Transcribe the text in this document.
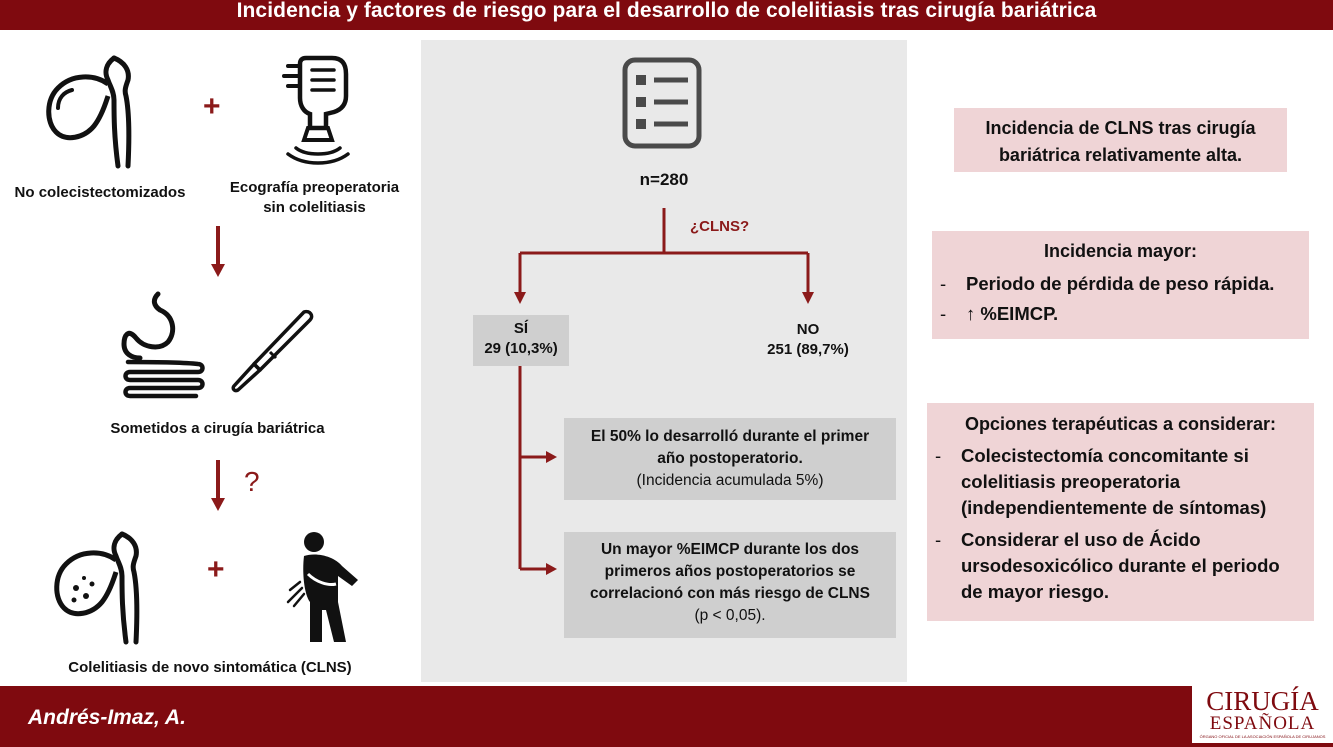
Incidencia y factores de riesgo para el desarrollo de colelitiasis tras cirugía bariátrica
+
No colecistectomizados	Ecografía preoperatoria
sin colelitiasis
Sometidos a cirugía bariátrica
?
+
Colelitiasis de novo sintomática (CLNS)
n=280
¿CLNS?
SÍ
29 (10,3%)
NO
251 (89,7%)
El 50% lo desarrolló durante el primer
año postoperatorio.
(Incidencia acumulada 5%)
Un mayor %EIMCP durante los dos
primeros años postoperatorios se
correlacionó con más riesgo de CLNS
(p < 0,05).
Incidencia de CLNS tras cirugía
bariátrica relativamente alta.
Incidencia mayor:
- Periodo de pérdida de peso rápida.
- ↑ %EIMCP.
Opciones terapéuticas a considerar:
- Colecistectomía concomitante si
colelitiasis preoperatoria
(independientemente de síntomas)
- Considerar el uso de Ácido
ursodesoxicólico durante el periodo
de mayor riesgo.
Andrés-Imaz, A.
CIRUGÍA
ESPAÑOLA
ÓRGANO OFICIAL DE LA ASOCIACIÓN ESPAÑOLA DE CIRUJANOS
